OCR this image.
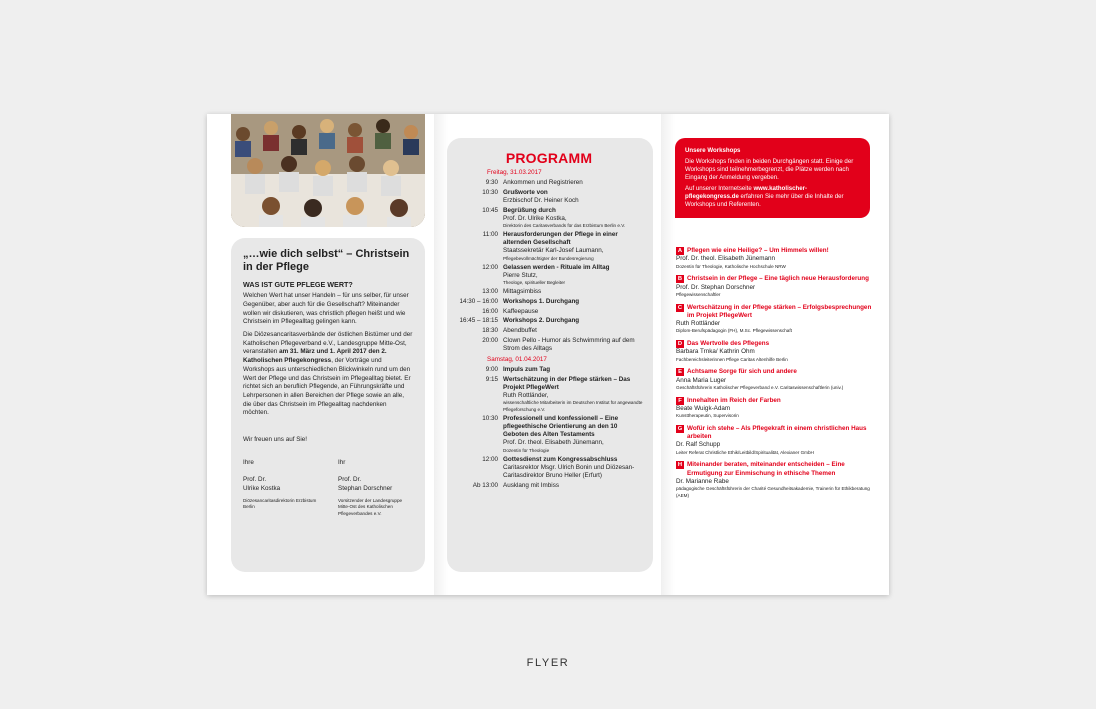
„…wie dich selbst“ – Christsein in der Pflege
WAS IST GUTE PFLEGE WERT?

Welchen Wert hat unser Handeln – für uns selber, für unser Gegenüber, aber auch für die Gesellschaft? Miteinander wollen wir diskutieren, was christlich pflegen heißt und wie Christsein im Pflegealltag gelingen kann.

Die Diözesancaritasverbände der östlichen Bistümer und der Katholischen Pflegeverband e.V., Landesgruppe Mitte-Ost, veranstalten am 31. März und 1. April 2017 den 2. Katholischen Pflegekongress, der Vorträge und Workshops aus unterschiedlichen Blickwinkeln rund um den Wert der Pflege und das Christsein im Pflegealltag bietet. Er richtet sich an beruflich Pflegende, an Führungskräfte und Lehrpersonen in allen Bereichen der Pflege sowie an alle, die über das Christsein im Pflegealltag nachdenken möchten.

Wir freuen uns auf Sie!

Ihre
Prof. Dr.
Ulrike Kostka
Diözesancaritasdirektorin Erzbistum Berlin
Ihr
Prof. Dr.
Stephan Dorschner
Vorsitzender der Landesgruppe Mitte-Ost des Katholischen Pflegeverbandes e.V.
PROGRAMM
Freitag, 31.03.2017
9:30 Ankommen und Registrieren
10:30 Grußworte von
Erzbischof Dr. Heiner Koch
10:45 Begrüßung durch
Prof. Dr. Ulrike Kostka,
Direktorin des Caritasverbands für das Erzbistum Berlin e.V.
11:00 Herausforderungen der Pflege in einer alternden Gesellschaft
Staatssekretär Karl-Josef Laumann,
Pflegebevollmächtigter der Bundesregierung
12:00 Gelassen werden - Rituale im Alltag
Pierre Stutz,
Theologe, spiritueller Begleiter
13:00 Mittagsimbiss
14:30 – 16:00 Workshops 1. Durchgang
16:00 Kaffeepause
16:45 – 18:15 Workshops 2. Durchgang
18:30 Abendbuffet
20:00 Clown Pello - Humor als Schwimmring auf dem Strom des Alltags
Samstag, 01.04.2017
9:00 Impuls zum Tag
9:15 Wertschätzung in der Pflege stärken – Das Projekt PflegeWert
Ruth Rottländer,
wissenschaftliche Mitarbeiterin im Deutschen Institut für angewandte Pflegeforschung e.V.
10:30 Professionell und konfessionell – Eine pflegeethische Orientierung an den 10 Geboten des Alten Testaments
Prof. Dr. theol. Elisabeth Jünemann,
Dozentin für Theologie
12:00 Gottesdienst zum Kongressabschluss
Caritasrektor Msgr. Ulrich Bonin und Diözesan-Caritasdirektor Bruno Heller (Erfurt)
Ab 13:00 Ausklang mit Imbiss
Unsere Workshops

Die Workshops finden in beiden Durchgängen statt. Einige der Workshops sind teilnehmerbegrenzt, die Plätze werden nach Eingang der Anmeldung vergeben.

Auf unserer Internetseite www.katholischer-pflegekongress.de erfahren Sie mehr über die Inhalte der Workshops und Referenten.

A Pflegen wie eine Heilige? – Um Himmels willen!
Prof. Dr. theol. Elisabeth Jünemann
Dozentin für Theologie, Katholische Hochschule NRW
B Christsein in der Pflege – Eine täglich neue Herausforderung
Prof. Dr. Stephan Dorschner
Pflegewissenschaftler
C Wertschätzung in der Pflege stärken – Erfolgsbesprechungen im Projekt PflegeWert
Ruth Rottländer
Diplom-Berufspädagogin (FH), M.Sc. Pflegewissenschaft
D Das Wertvolle des Pflegens
Barbara Trnka/ Kathrin Ohm
Fachbereichsleiterinnen Pflege Caritas Altenhilfe Berlin
E Achtsame Sorge für sich und andere
Anna Maria Luger
Geschäftsführerin Katholischer Pflegeverband e.V. Caritaswissenschaftlerin (univ.)
F Innehalten im Reich der Farben
Beate Wuigk-Adam
Kunsttherapeutin, Supervisorin
G Wofür ich stehe – Als Pflegekraft in einem christlichen Haus arbeiten
Dr. Ralf Schupp
Leiter Referat Christliche Ethik/Leitbild/Spiritualität, Alexianer GmbH
H Miteinander beraten, miteinander entscheiden – Eine Ermutigung zur Einmischung in ethische Themen
Dr. Marianne Rabe
pädagogische Geschäftsführerin der Charité Gesundheitsakademie, Trainerin für Ethikberatung (AEM)
FLYER
